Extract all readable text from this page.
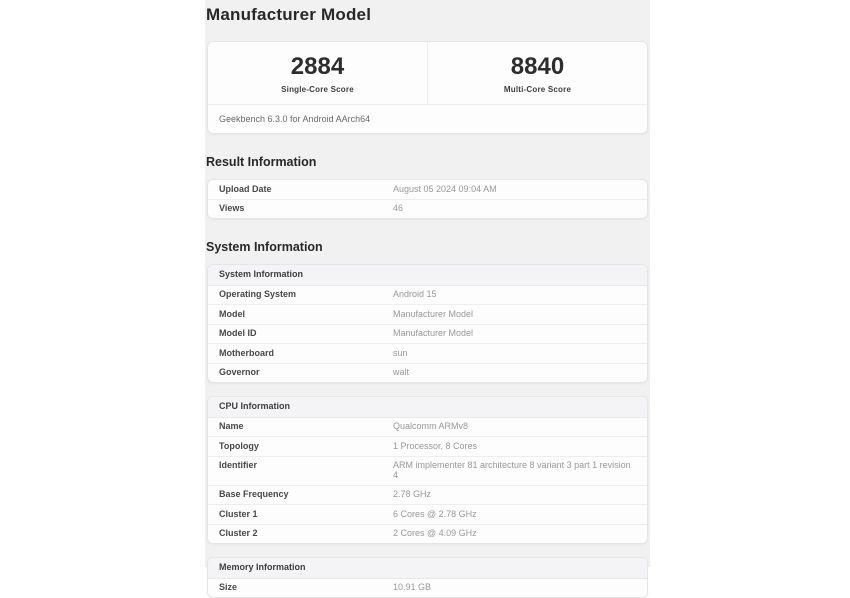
Manufacturer Model
2884
Single-Core Score
8840
Multi-Core Score
Geekbench 6.3.0 for Android AArch64
Result Information
Upload Date	August 05 2024 09:04 AM
Views	46
System Information
System Information
Operating System	Android 15
Model	Manufacturer Model
Model ID	Manufacturer Model
Motherboard	sun
Governor	walt
CPU Information
Name	Qualcomm ARMv8
Topology	1 Processor, 8 Cores
Identifier	ARM implementer 81 architecture 8 variant 3 part 1 revision 4
Base Frequency	2.78 GHz
Cluster 1	6 Cores @ 2.78 GHz
Cluster 2	2 Cores @ 4.09 GHz
Memory Information
Size	10.91 GB
